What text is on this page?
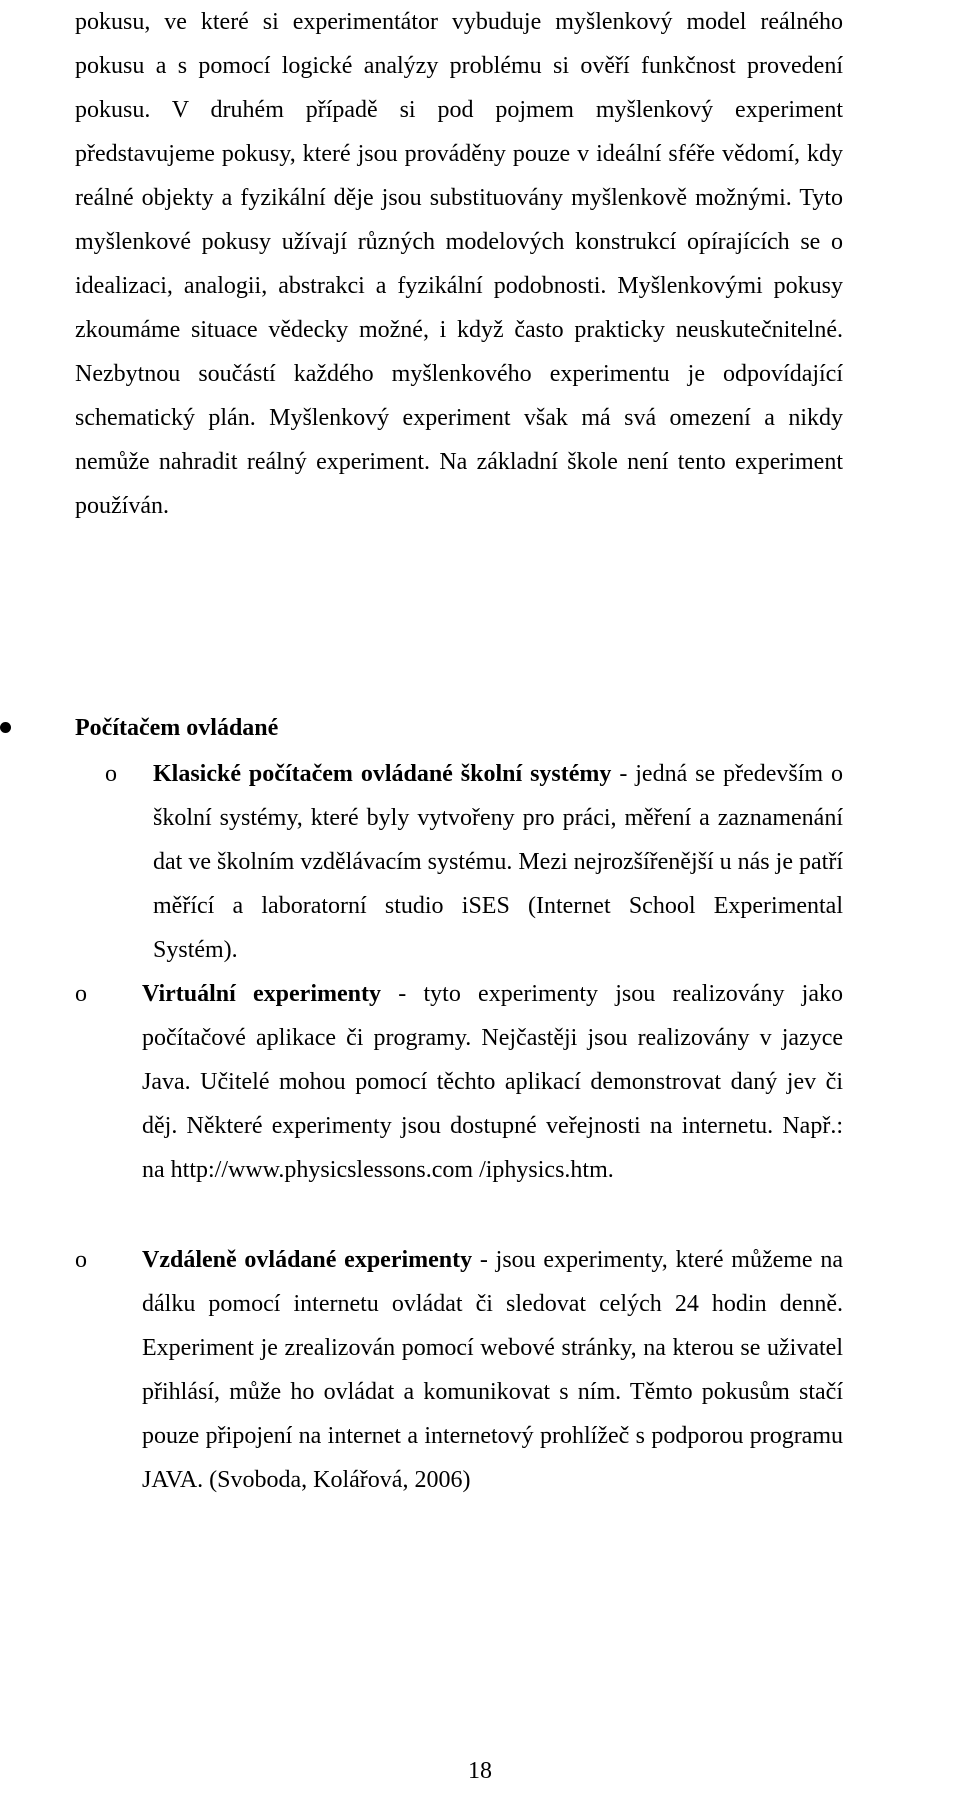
pokusu, ve které si experimentátor vybuduje myšlenkový model reálného pokusu a s pomocí logické analýzy problému si ověří funkčnost provedení pokusu. V druhém případě si pod pojmem myšlenkový experiment představujeme pokusy, které jsou prováděny pouze v ideální sféře vědomí, kdy reálné objekty a fyzikální děje jsou substituovány myšlenkově možnými. Tyto myšlenkové pokusy užívají různých modelových konstrukcí opírajících se o idealizaci, analogii, abstrakci a fyzikální podobnosti. Myšlenkovými pokusy zkoumáme situace vědecky možné, i když často prakticky neuskutečnitelné. Nezbytnou součástí každého myšlenkového experimentu je odpovídající schematický plán. Myšlenkový experiment však má svá omezení a nikdy nemůže nahradit reálný experiment. Na základní škole není tento experiment používán.

Počítačem ovládané

o Klasické počítačem ovládané školní systémy - jedná se především o školní systémy, které byly vytvořeny pro práci, měření a zaznamenání dat ve školním vzdělávacím systému. Mezi nejrozšířenější u nás je patří měřící a laboratorní studio iSES (Internet School Experimental Systém).

o Virtuální experimenty - tyto experimenty jsou realizovány jako počítačové aplikace či programy. Nejčastěji jsou realizovány v jazyce Java. Učitelé mohou pomocí těchto aplikací demonstrovat daný jev či děj. Některé experimenty jsou dostupné veřejnosti na internetu. Např.: na http://www.physicslessons.com /iphysics.htm.

o Vzdáleně ovládané experimenty - jsou experimenty, které můžeme na dálku pomocí internetu ovládat či sledovat celých 24 hodin denně. Experiment je zrealizován pomocí webové stránky, na kterou se uživatel přihlásí, může ho ovládat a komunikovat s ním. Těmto pokusům stačí pouze připojení na internet a internetový prohlížeč s podporou programu JAVA. (Svoboda, Kolářová, 2006)

18
